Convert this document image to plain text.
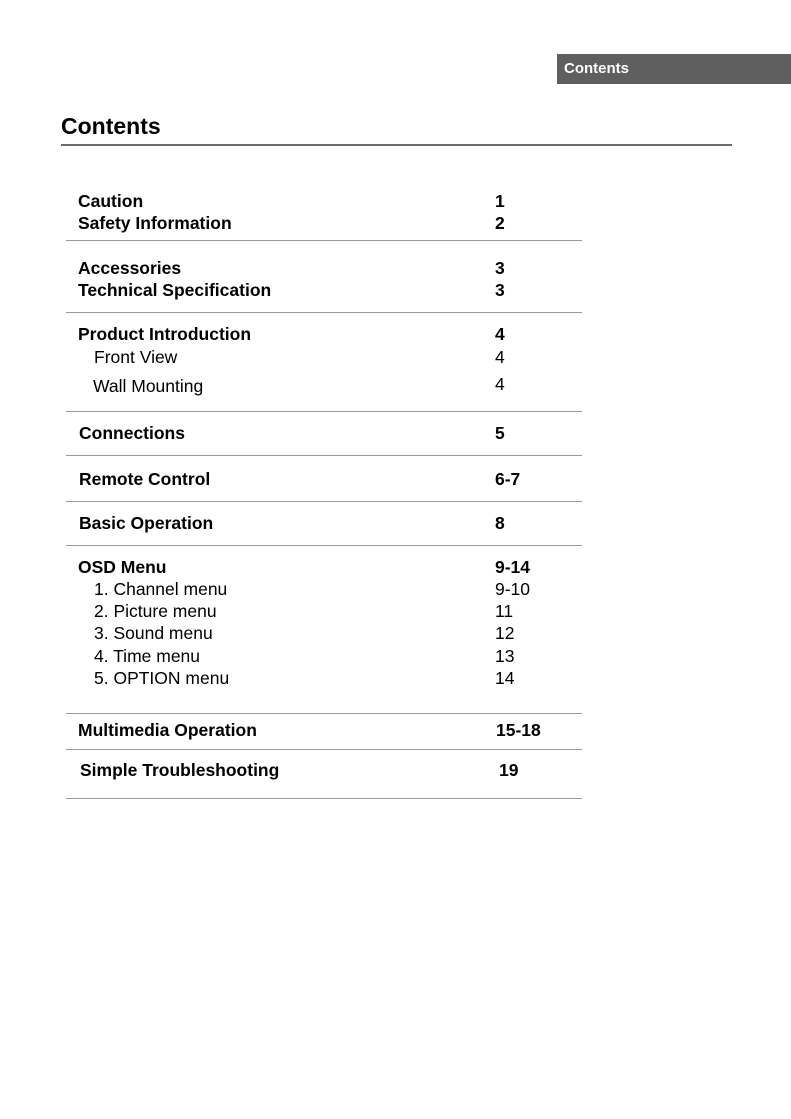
Contents
Contents
Caution	1
Safety Information	2
Accessories	3
Technical Specification	3
Product Introduction	4
Front View	4
Wall Mounting	4
Connections	5
Remote Control	6-7
Basic Operation	8
OSD Menu	9-14
1. Channel menu	9-10
2. Picture menu	11
3. Sound menu	12
4. Time menu	13
5. OPTION menu	14
Multimedia Operation	15-18
Simple Troubleshooting	19
